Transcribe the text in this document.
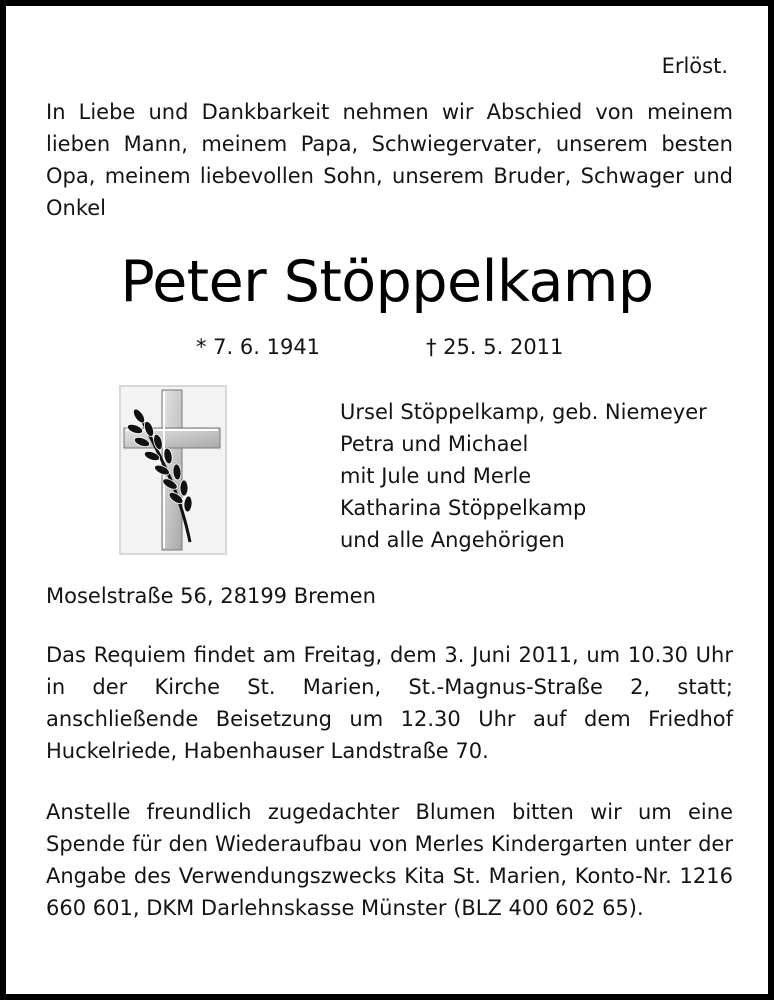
Erlöst.

In Liebe und Dankbarkeit nehmen wir Abschied von meinem lieben Mann, meinem Papa, Schwiegervater, unserem besten Opa, meinem liebevollen Sohn, unserem Bruder, Schwager und Onkel

Peter Stöppelkamp
* 7. 6. 1941	† 25. 5. 2011
Ursel Stöppelkamp, geb. Niemeyer
Petra und Michael
mit Jule und Merle
Katharina Stöppelkamp
und alle Angehörigen

Moselstraße 56, 28199 Bremen

Das Requiem findet am Freitag, dem 3. Juni 2011, um 10.30 Uhr in der Kirche St. Marien, St.-Magnus-Straße 2, statt; anschließende Beisetzung um 12.30 Uhr auf dem Friedhof Huckelriede, Habenhauser Landstraße 70.

Anstelle freundlich zugedachter Blumen bitten wir um eine Spende für den Wiederaufbau von Merles Kindergarten unter der Angabe des Verwendungszwecks Kita St. Marien, Konto-Nr. 1216 660 601, DKM Darlehnskasse Münster (BLZ 400 602 65).
